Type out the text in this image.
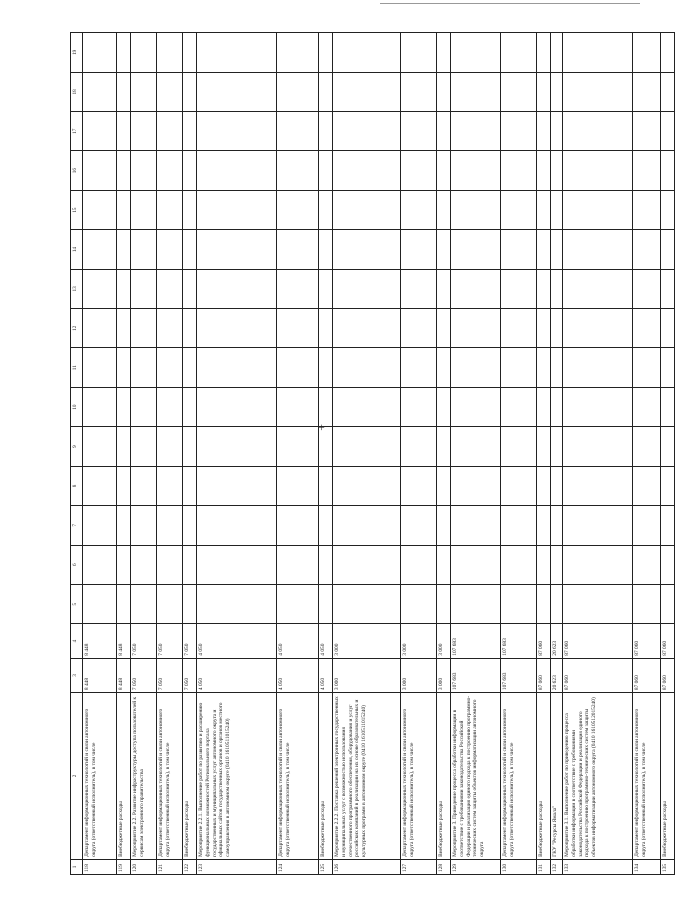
+
1	2	3	4	5	6	7	8	9	10	11	12	13	14	15	16	17	18	19
118	Департамент информационных технологий и связи автономного округа (ответственный исполнитель), в том числе	8 448	8 448															
119	Внебюджетные расходы	8 448	8 448															
120	Мероприятие 2.2. Развитие инфраструктуры доступа пользователей к сервисам электронного правительства	7 050	7 050															
121	Департамент информационных технологий и связи автономного округа (ответственный исполнитель), в том числе	7 050	7 050															
122	Внебюджетные расходы	7 050	7 050															
123	Мероприятие 2.2.1. Выполнение работ по развитию и расширению функциональных возможностей Регионального портала государственных и муниципальных услуг автономного округа и официальных сайтов государственных органов и органов местного самоуправления в автономном округе (0410 1610511015240)	4 050	4 050															
124	Департамент информационных технологий и связи автономного округа (ответственный исполнитель), в том числе	4 050	4 050															
125	Внебюджетные расходы	4 050	4 050															
126	Мероприятие 2.2.2. Поставка решений электронных государственных и муниципальных услуг с возможностью использования отечественного программного обеспечения, оборудования и услуг российских компаний в реализации на их основе образовательных и культурных программ в автономном округе (0410 1610511015240)	3 000	3 000															
127	Департамент информационных технологий и связи автономного округа (ответственный исполнитель), в том числе	3 000	3 000															
128	Внебюджетные расходы	3 000	3 000															
129	Мероприятие 3. Приведение процесса обработки информации в соответствие с требованиями законодательства Российской Федерации и реализация единого подхода к построению программно-технических систем защиты объектов информатизации автономного округа	107 683	107 683															
130	Департамент информационных технологий и связи автономного округа (ответственный исполнитель), в том числе	107 683	107 683															
131	Внебюджетные расходы	87 060	87 060															
132	ГКУ "Ресурсы Ямала"	20 623	20 623															
133	Мероприятие 3.1. Выполнение работ по приведению процесса обработки информации в соответствие с требованиями законодательства Российской Федерации и реализация единого подхода к построению программно-технических систем защиты объектов информатизации автономного округа (0410 1610512015240)	87 060	87 060															
134	Департамент информационных технологий и связи автономного округа (ответственный исполнитель), в том числе	87 060	87 060															
135	Внебюджетные расходы	87 060	87 060															
